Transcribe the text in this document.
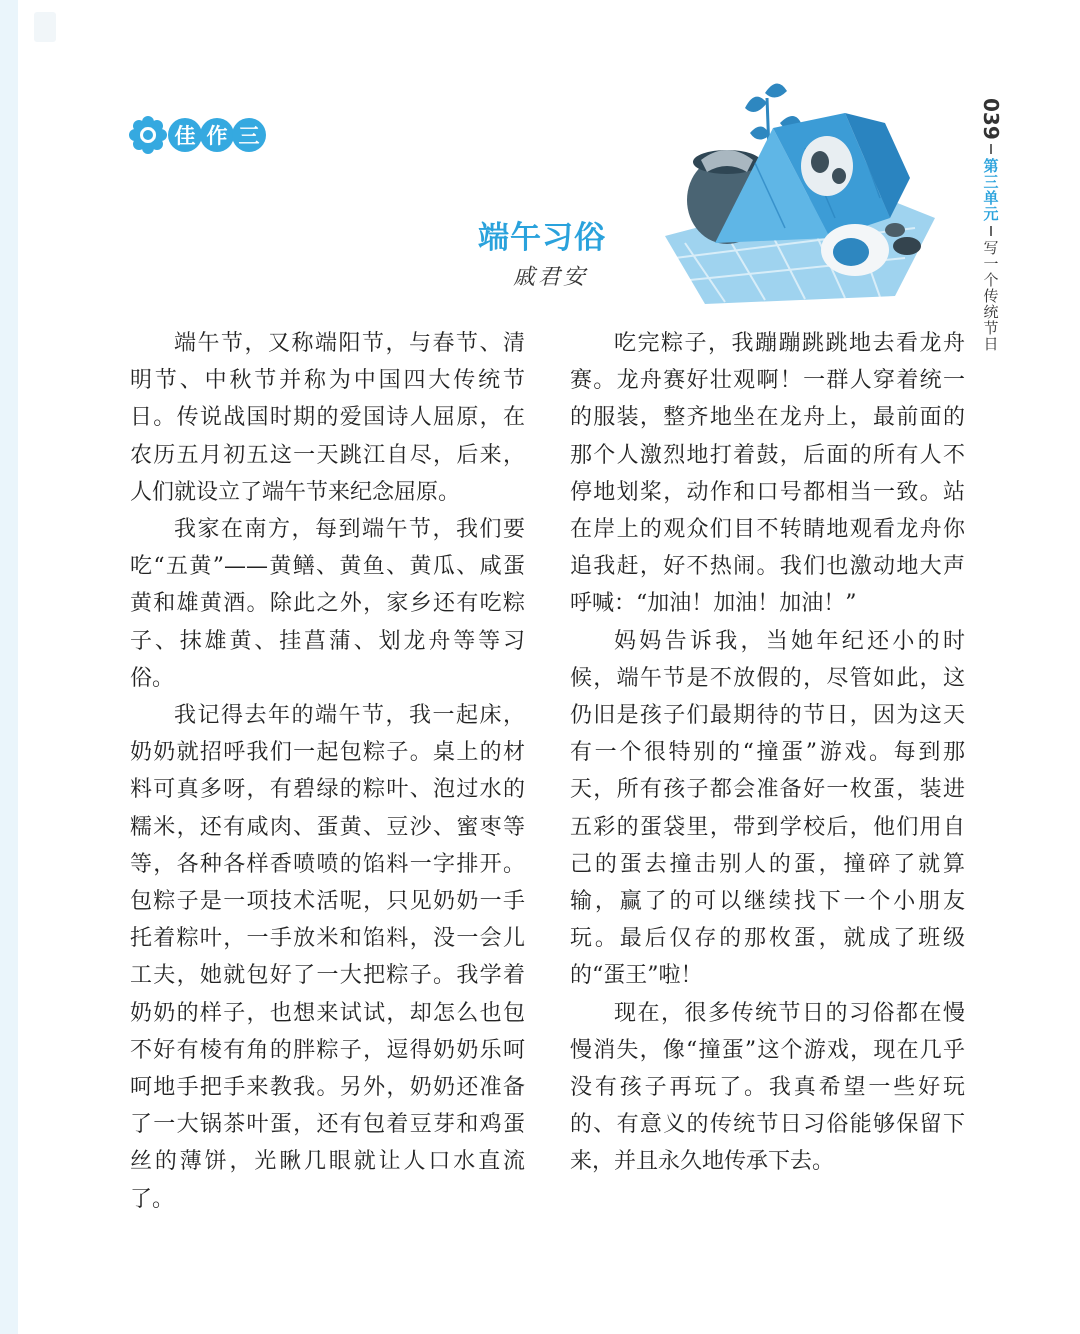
佳 作 三
端午习俗
戚君安
039
第三单元
写一个传统节日

端午节，又称端阳节，与春节、清明节、中秋节并称为中国四大传统节日。传说战国时期的爱国诗人屈原，在农历五月初五这一天跳江自尽，后来，人们就设立了端午节来纪念屈原。

我家在南方，每到端午节，我们要吃“五黄”——黄鳝、黄鱼、黄瓜、咸蛋黄和雄黄酒。除此之外，家乡还有吃粽子、抹雄黄、挂菖蒲、划龙舟等等习俗。

我记得去年的端午节，我一起床，奶奶就招呼我们一起包粽子。桌上的材料可真多呀，有碧绿的粽叶、泡过水的糯米，还有咸肉、蛋黄、豆沙、蜜枣等等，各种各样香喷喷的馅料一字排开。包粽子是一项技术活呢，只见奶奶一手托着粽叶，一手放米和馅料，没一会儿工夫，她就包好了一大把粽子。我学着奶奶的样子，也想来试试，却怎么也包不好有棱有角的胖粽子，逗得奶奶乐呵呵地手把手来教我。另外，奶奶还准备了一大锅茶叶蛋，还有包着豆芽和鸡蛋丝的薄饼，光瞅几眼就让人口水直流了。

吃完粽子，我蹦蹦跳跳地去看龙舟赛。龙舟赛好壮观啊！一群人穿着统一的服装，整齐地坐在龙舟上，最前面的那个人激烈地打着鼓，后面的所有人不停地划桨，动作和口号都相当一致。站在岸上的观众们目不转睛地观看龙舟你追我赶，好不热闹。我们也激动地大声呼喊：“加油！加油！加油！”

妈妈告诉我，当她年纪还小的时候，端午节是不放假的，尽管如此，这仍旧是孩子们最期待的节日，因为这天有一个很特别的“撞蛋”游戏。每到那天，所有孩子都会准备好一枚蛋，装进五彩的蛋袋里，带到学校后，他们用自己的蛋去撞击别人的蛋，撞碎了就算输，赢了的可以继续找下一个小朋友玩。最后仅存的那枚蛋，就成了班级的“蛋王”啦！

现在，很多传统节日的习俗都在慢慢消失，像“撞蛋”这个游戏，现在几乎没有孩子再玩了。我真希望一些好玩的、有意义的传统节日习俗能够保留下来，并且永久地传承下去。
